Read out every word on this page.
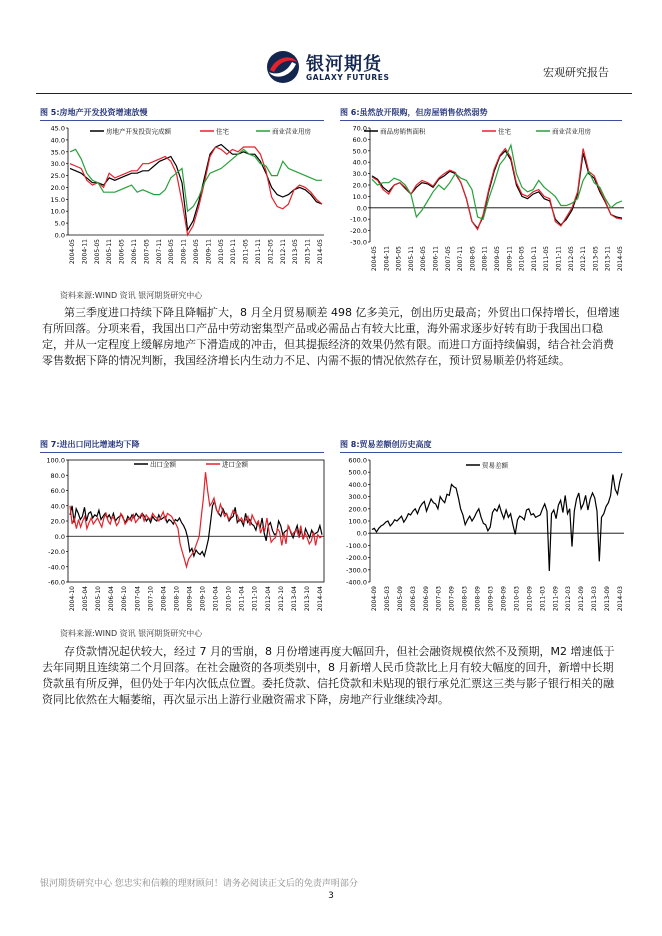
银河期货
GALAXY FUTURES	宏观研究报告
图 5:房地产开发投资增速放慢	图 6:虽然放开限购，但房屋销售依然弱势
45.0
40.0
35.0
30.0
25.0
20.0
15.0
10.0
5.0
0.0
2004-05 2004-11 2005-05 2005-11 2006-05 2006-11 2007-05 2007-11 2008-05 2008-11 2009-05 2009-11 2010-05 2010-11 2011-05 2011-11 2012-05 2012-11 2013-05 2013-11 2014-05
房地产开发投资完成额	住宅	商业营业用房	70.0
60.0
50.0
40.0
30.0
20.0
10.0
0.0
-10.0
-20.0
-30.0
2004-05 2004-11 2005-05 2005-11 2006-05 2006-11 2007-05 2007-11 2008-05 2008-11 2009-05 2009-11 2010-05 2010-11 2011-05 2011-11 2012-05 2012-11 2013-05 2013-11 2014-05
商品房销售面积	住宅	商业营业用房
资料来源:WIND 资讯 银河期货研究中心

第三季度进口持续下降且降幅扩大，8 月全月贸易顺差 498 亿多美元，创出历史最高；外贸出口保持增长，但增速有所回落。分项来看，我国出口产品中劳动密集型产品或必需品占有较大比重，海外需求逐步好转有助于我国出口稳定，并从一定程度上缓解房地产下滑造成的冲击，但其提振经济的效果仍然有限。而进口方面持续偏弱，结合社会消费零售数据下降的情况判断，我国经济增长内生动力不足、内需不振的情况依然存在，预计贸易顺差仍将延续。

图 7:进出口同比增速均下降	图 8:贸易差额创历史高度
100.0
80.0
60.0
40.0
20.0
0.0
-20.0
-40.0
-60.0
2004-10 2005-04 2005-10 2006-04 2006-10 2007-04 2007-10 2008-04 2008-10 2009-04 2009-10 2010-04 2010-10 2011-04 2011-10 2012-04 2012-10 2013-04 2013-10 2014-04
出口金额	进口金额	600.0
500.0
400.0
300.0
200.0
100.0
0.0
-100.0
-200.0
-300.0
-400.0
2004-09 2005-03 2005-09 2006-03 2006-09 2007-03 2007-09 2008-03 2008-09 2009-03 2009-09 2010-03 2010-09 2011-03 2011-09 2012-03 2012-09 2013-03 2013-09 2014-03
贸易差额
资料来源:WIND 资讯 银河期货研究中心

存贷款情况起伏较大，经过 7 月的雪崩，8 月份增速再度大幅回升，但社会融资规模依然不及预期，M2 增速低于去年同期且连续第二个月回落。在社会融资的各项类别中，8 月新增人民币贷款比上月有较大幅度的回升，新增中长期贷款虽有所反弹，但仍处于年内次低点位置。委托贷款、信托贷款和未贴现的银行承兑汇票这三类与影子银行相关的融资同比依然在大幅萎缩，再次显示出上游行业融资需求下降，房地产行业继续冷却。

银河期货研究中心 您忠实和信赖的理财顾问！请务必阅读正文后的免责声明部分
3
